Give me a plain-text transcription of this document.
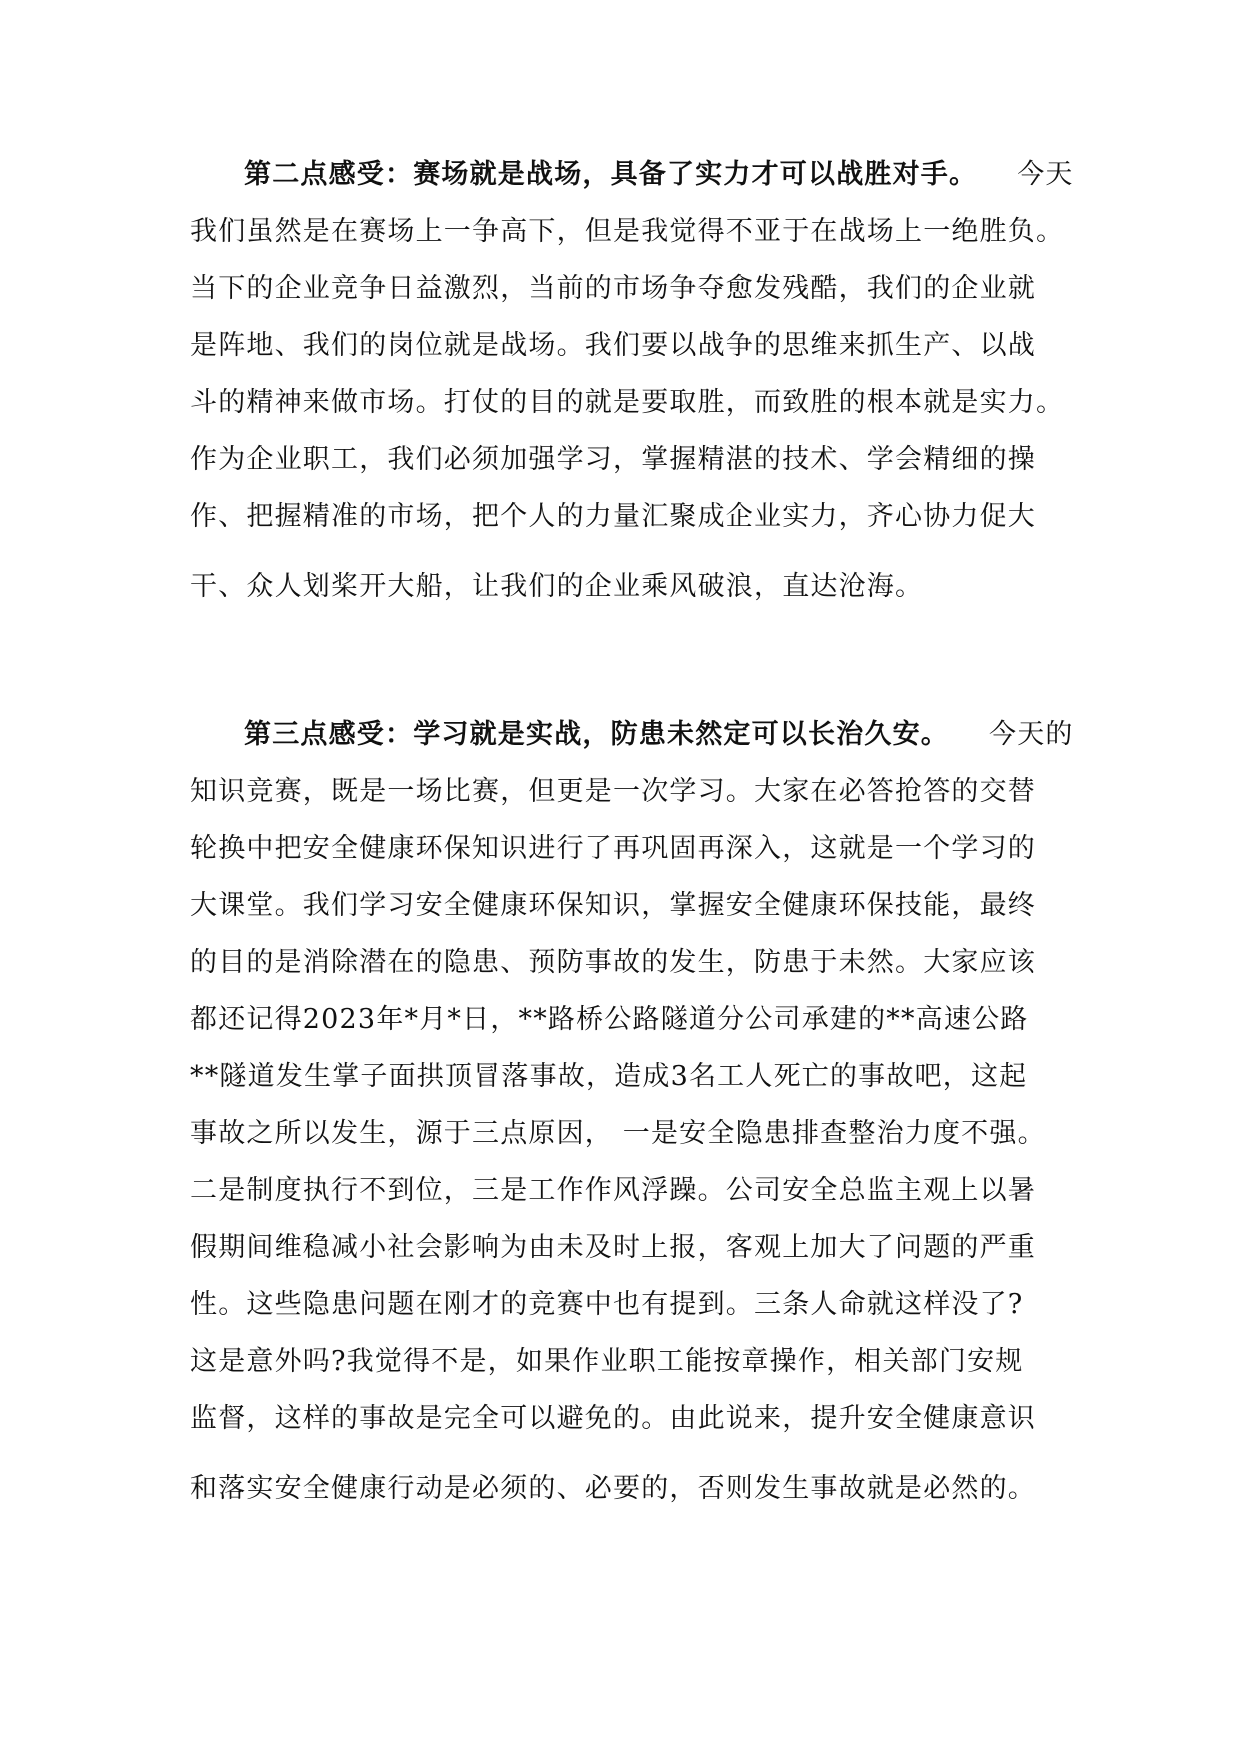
第二点感受：赛场就是战场，具备了实力才可以战胜对手。 今天
我们虽然是在赛场上一争高下，但是我觉得不亚于在战场上一绝胜负。
当下的企业竞争日益激烈，当前的市场争夺愈发残酷，我们的企业就
是阵地、我们的岗位就是战场。我们要以战争的思维来抓生产、以战
斗的精神来做市场。打仗的目的就是要取胜，而致胜的根本就是实力。
作为企业职工，我们必须加强学习，掌握精湛的技术、学会精细的操
作、把握精准的市场，把个人的力量汇聚成企业实力，齐心协力促大
干、众人划桨开大船，让我们的企业乘风破浪，直达沧海。
第三点感受：学习就是实战，防患未然定可以长治久安。 今天的
知识竞赛，既是一场比赛，但更是一次学习。大家在必答抢答的交替
轮换中把安全健康环保知识进行了再巩固再深入，这就是一个学习的
大课堂。我们学习安全健康环保知识，掌握安全健康环保技能，最终
的目的是消除潜在的隐患、预防事故的发生，防患于未然。大家应该
都还记得2023年*月*日，**路桥公路隧道分公司承建的**高速公路
**隧道发生掌子面拱顶冒落事故，造成3名工人死亡的事故吧，这起
事故之所以发生，源于三点原因， 一是安全隐患排查整治力度不强。
二是制度执行不到位，三是工作作风浮躁。公司安全总监主观上以暑
假期间维稳减小社会影响为由未及时上报，客观上加大了问题的严重
性。这些隐患问题在刚才的竞赛中也有提到。三条人命就这样没了?
这是意外吗?我觉得不是，如果作业职工能按章操作，相关部门安规
监督，这样的事故是完全可以避免的。由此说来，提升安全健康意识
和落实安全健康行动是必须的、必要的，否则发生事故就是必然的。
